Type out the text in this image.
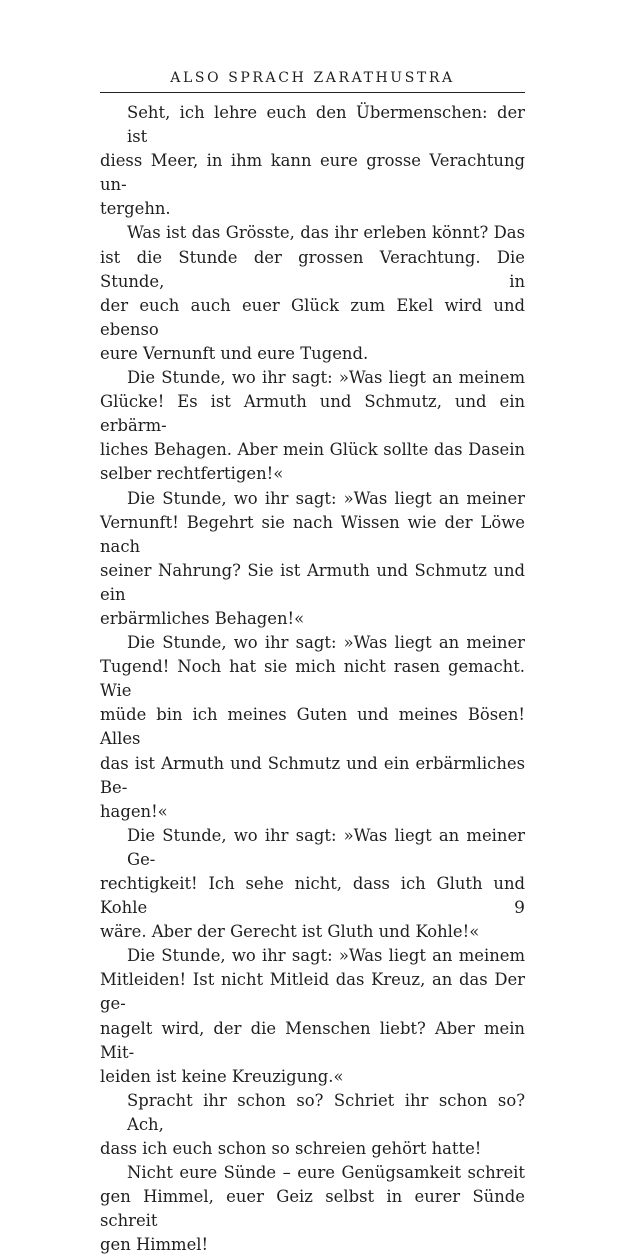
ALSO SPRACH ZARATHUSTRA

Seht, ich lehre euch den Übermenschen: der ist
diess Meer, in ihm kann eure grosse Verachtung un-
tergehn.

Was ist das Grösste, das ihr erleben könnt? Das
ist die Stunde der grossen Verachtung. Die Stunde, in
der euch auch euer Glück zum Ekel wird und ebenso
eure Vernunft und eure Tugend.

Die Stunde, wo ihr sagt: »Was liegt an meinem
Glücke! Es ist Armuth und Schmutz, und ein erbärm-
liches Behagen. Aber mein Glück sollte das Dasein
selber rechtfertigen!«

Die Stunde, wo ihr sagt: »Was liegt an meiner
Vernunft! Begehrt sie nach Wissen wie der Löwe nach
seiner Nahrung? Sie ist Armuth und Schmutz und ein
erbärmliches Behagen!«

Die Stunde, wo ihr sagt: »Was liegt an meiner
Tugend! Noch hat sie mich nicht rasen gemacht. Wie
müde bin ich meines Guten und meines Bösen! Alles
das ist Armuth und Schmutz und ein erbärmliches Be-
hagen!«

Die Stunde, wo ihr sagt: »Was liegt an meiner Ge-
rechtigkeit! Ich sehe nicht, dass ich Gluth und Kohle
wäre. Aber der Gerecht ist Gluth und Kohle!«

Die Stunde, wo ihr sagt: »Was liegt an meinem
Mitleiden! Ist nicht Mitleid das Kreuz, an das Der ge-
nagelt wird, der die Menschen liebt? Aber mein Mit-
leiden ist keine Kreuzigung.«

Spracht ihr schon so? Schriet ihr schon so? Ach,
dass ich euch schon so schreien gehört hatte!

Nicht eure Sünde – eure Genügsamkeit schreit
gen Himmel, euer Geiz selbst in eurer Sünde schreit
gen Himmel!

9
